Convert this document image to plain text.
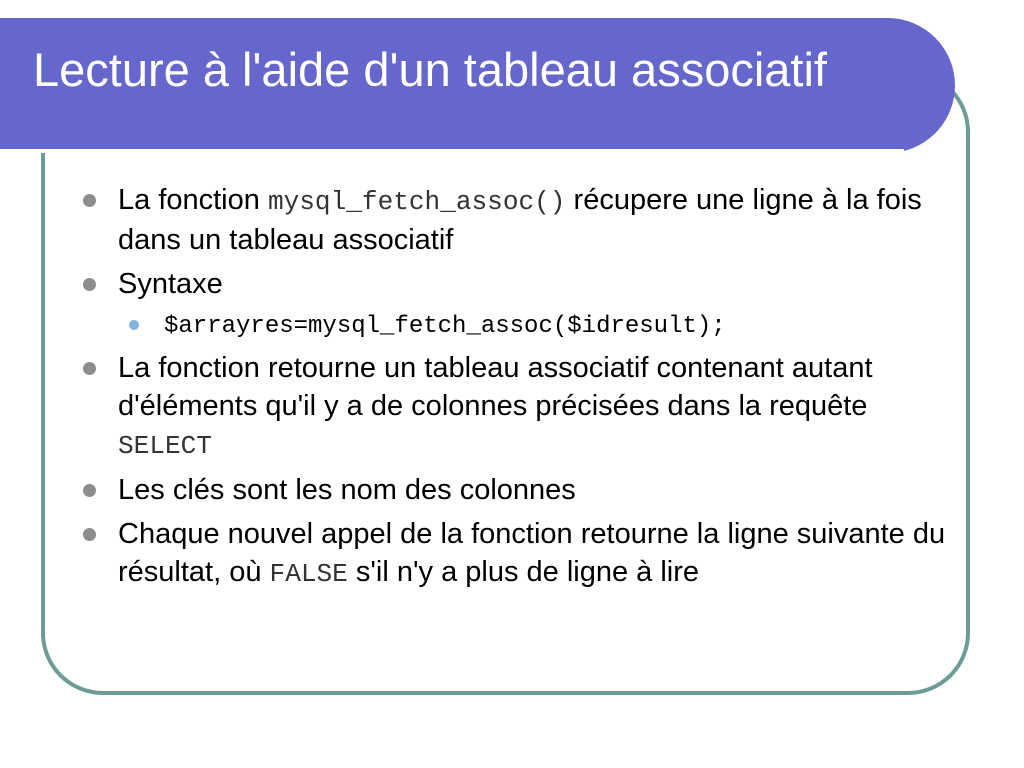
Lecture à l'aide d'un tableau associatif
La fonction mysql_fetch_assoc() récupere une ligne à la fois dans un tableau associatif
Syntaxe
$arrayres=mysql_fetch_assoc($idresult);
La fonction retourne un tableau associatif contenant autant d'éléments qu'il y a de colonnes précisées dans la requête SELECT
Les clés sont les nom des colonnes
Chaque nouvel appel de la fonction retourne la ligne suivante du résultat, où FALSE s'il n'y a plus de ligne à lire
